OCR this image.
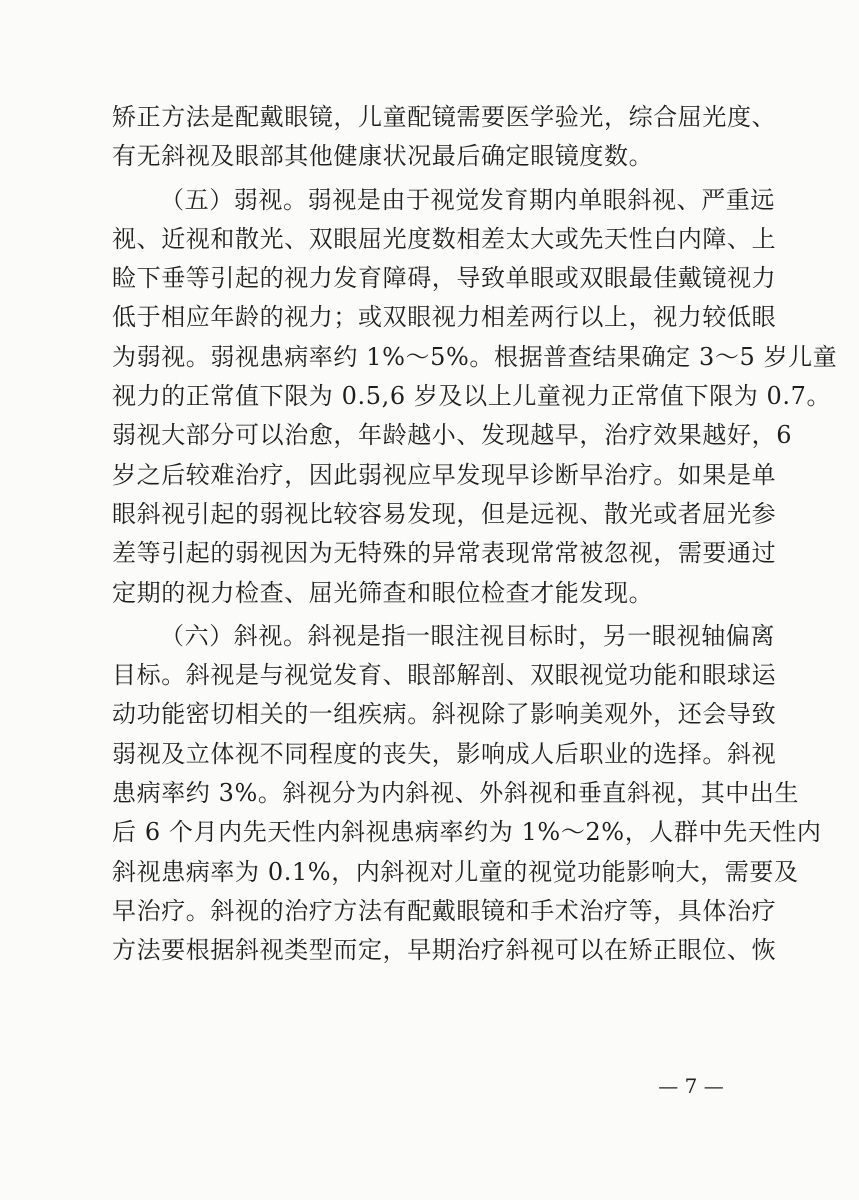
矫正方法是配戴眼镜，儿童配镜需要医学验光，综合屈光度、
有无斜视及眼部其他健康状况最后确定眼镜度数。
（五）弱视。弱视是由于视觉发育期内单眼斜视、严重远
视、近视和散光、双眼屈光度数相差太大或先天性白内障、上
睑下垂等引起的视力发育障碍，导致单眼或双眼最佳戴镜视力
低于相应年龄的视力；或双眼视力相差两行以上，视力较低眼
为弱视。弱视患病率约 1%～5%。根据普查结果确定 3～5 岁儿童
视力的正常值下限为 0.5,6 岁及以上儿童视力正常值下限为 0.7。
弱视大部分可以治愈，年龄越小、发现越早，治疗效果越好，6
岁之后较难治疗，因此弱视应早发现早诊断早治疗。如果是单
眼斜视引起的弱视比较容易发现，但是远视、散光或者屈光参
差等引起的弱视因为无特殊的异常表现常常被忽视，需要通过
定期的视力检查、屈光筛查和眼位检查才能发现。
（六）斜视。斜视是指一眼注视目标时，另一眼视轴偏离
目标。斜视是与视觉发育、眼部解剖、双眼视觉功能和眼球运
动功能密切相关的一组疾病。斜视除了影响美观外，还会导致
弱视及立体视不同程度的丧失，影响成人后职业的选择。斜视
患病率约 3%。斜视分为内斜视、外斜视和垂直斜视，其中出生
后 6 个月内先天性内斜视患病率约为 1%～2%，人群中先天性内
斜视患病率为 0.1%，内斜视对儿童的视觉功能影响大，需要及
早治疗。斜视的治疗方法有配戴眼镜和手术治疗等，具体治疗
方法要根据斜视类型而定，早期治疗斜视可以在矫正眼位、恢
— 7 —
